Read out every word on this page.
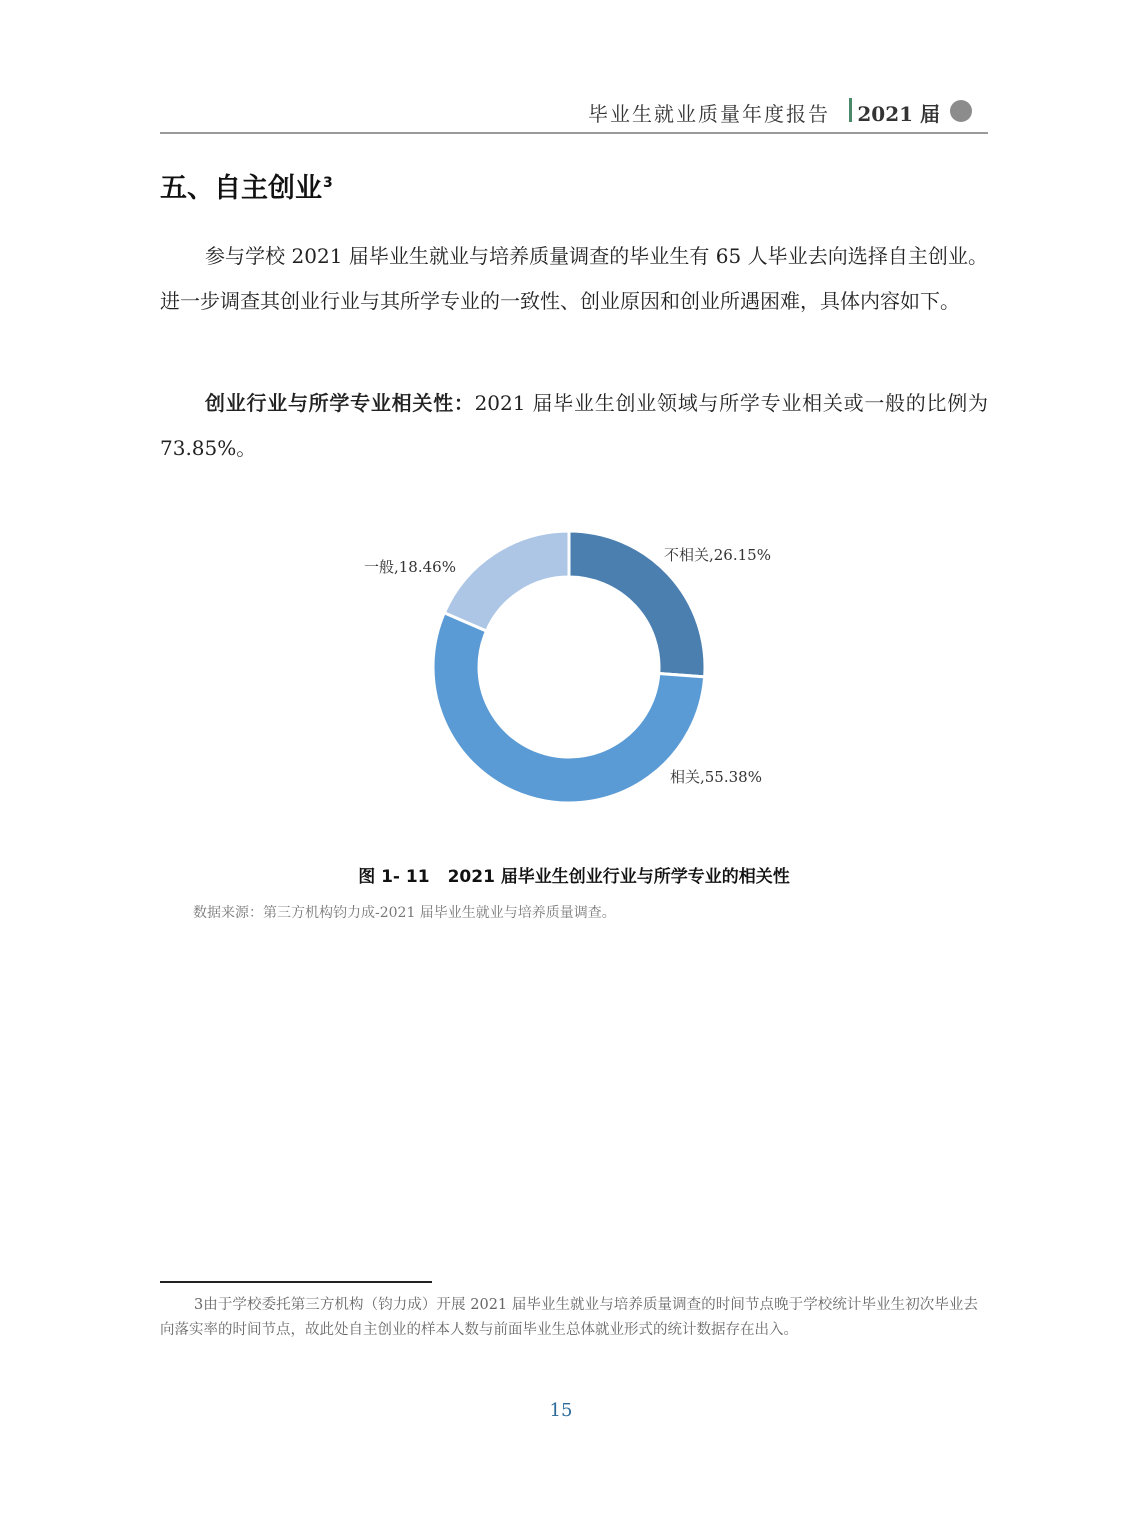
毕业生就业质量年度报告 2021 届
五、自主创业$^3$
参与学校 2021 届毕业生就业与培养质量调查的毕业生有 65 人毕业去向选择自主创业。进一步调查其创业行业与其所学专业的一致性、创业原因和创业所遇困难，具体内容如下。
创业行业与所学专业相关性：2021 届毕业生创业领域与所学专业相关或一般的比例为 73.85%。
不相关,26.15%
相关,55.38%
一般,18.46%
图 1- 11 2021 届毕业生创业行业与所学专业的相关性
数据来源：第三方机构钧力成-2021 届毕业生就业与培养质量调查。
3由于学校委托第三方机构（钧力成）开展 2021 届毕业生就业与培养质量调查的时间节点晚于学校统计毕业生初次毕业去向落实率的时间节点，故此处自主创业的样本人数与前面毕业生总体就业形式的统计数据存在出入。
15
